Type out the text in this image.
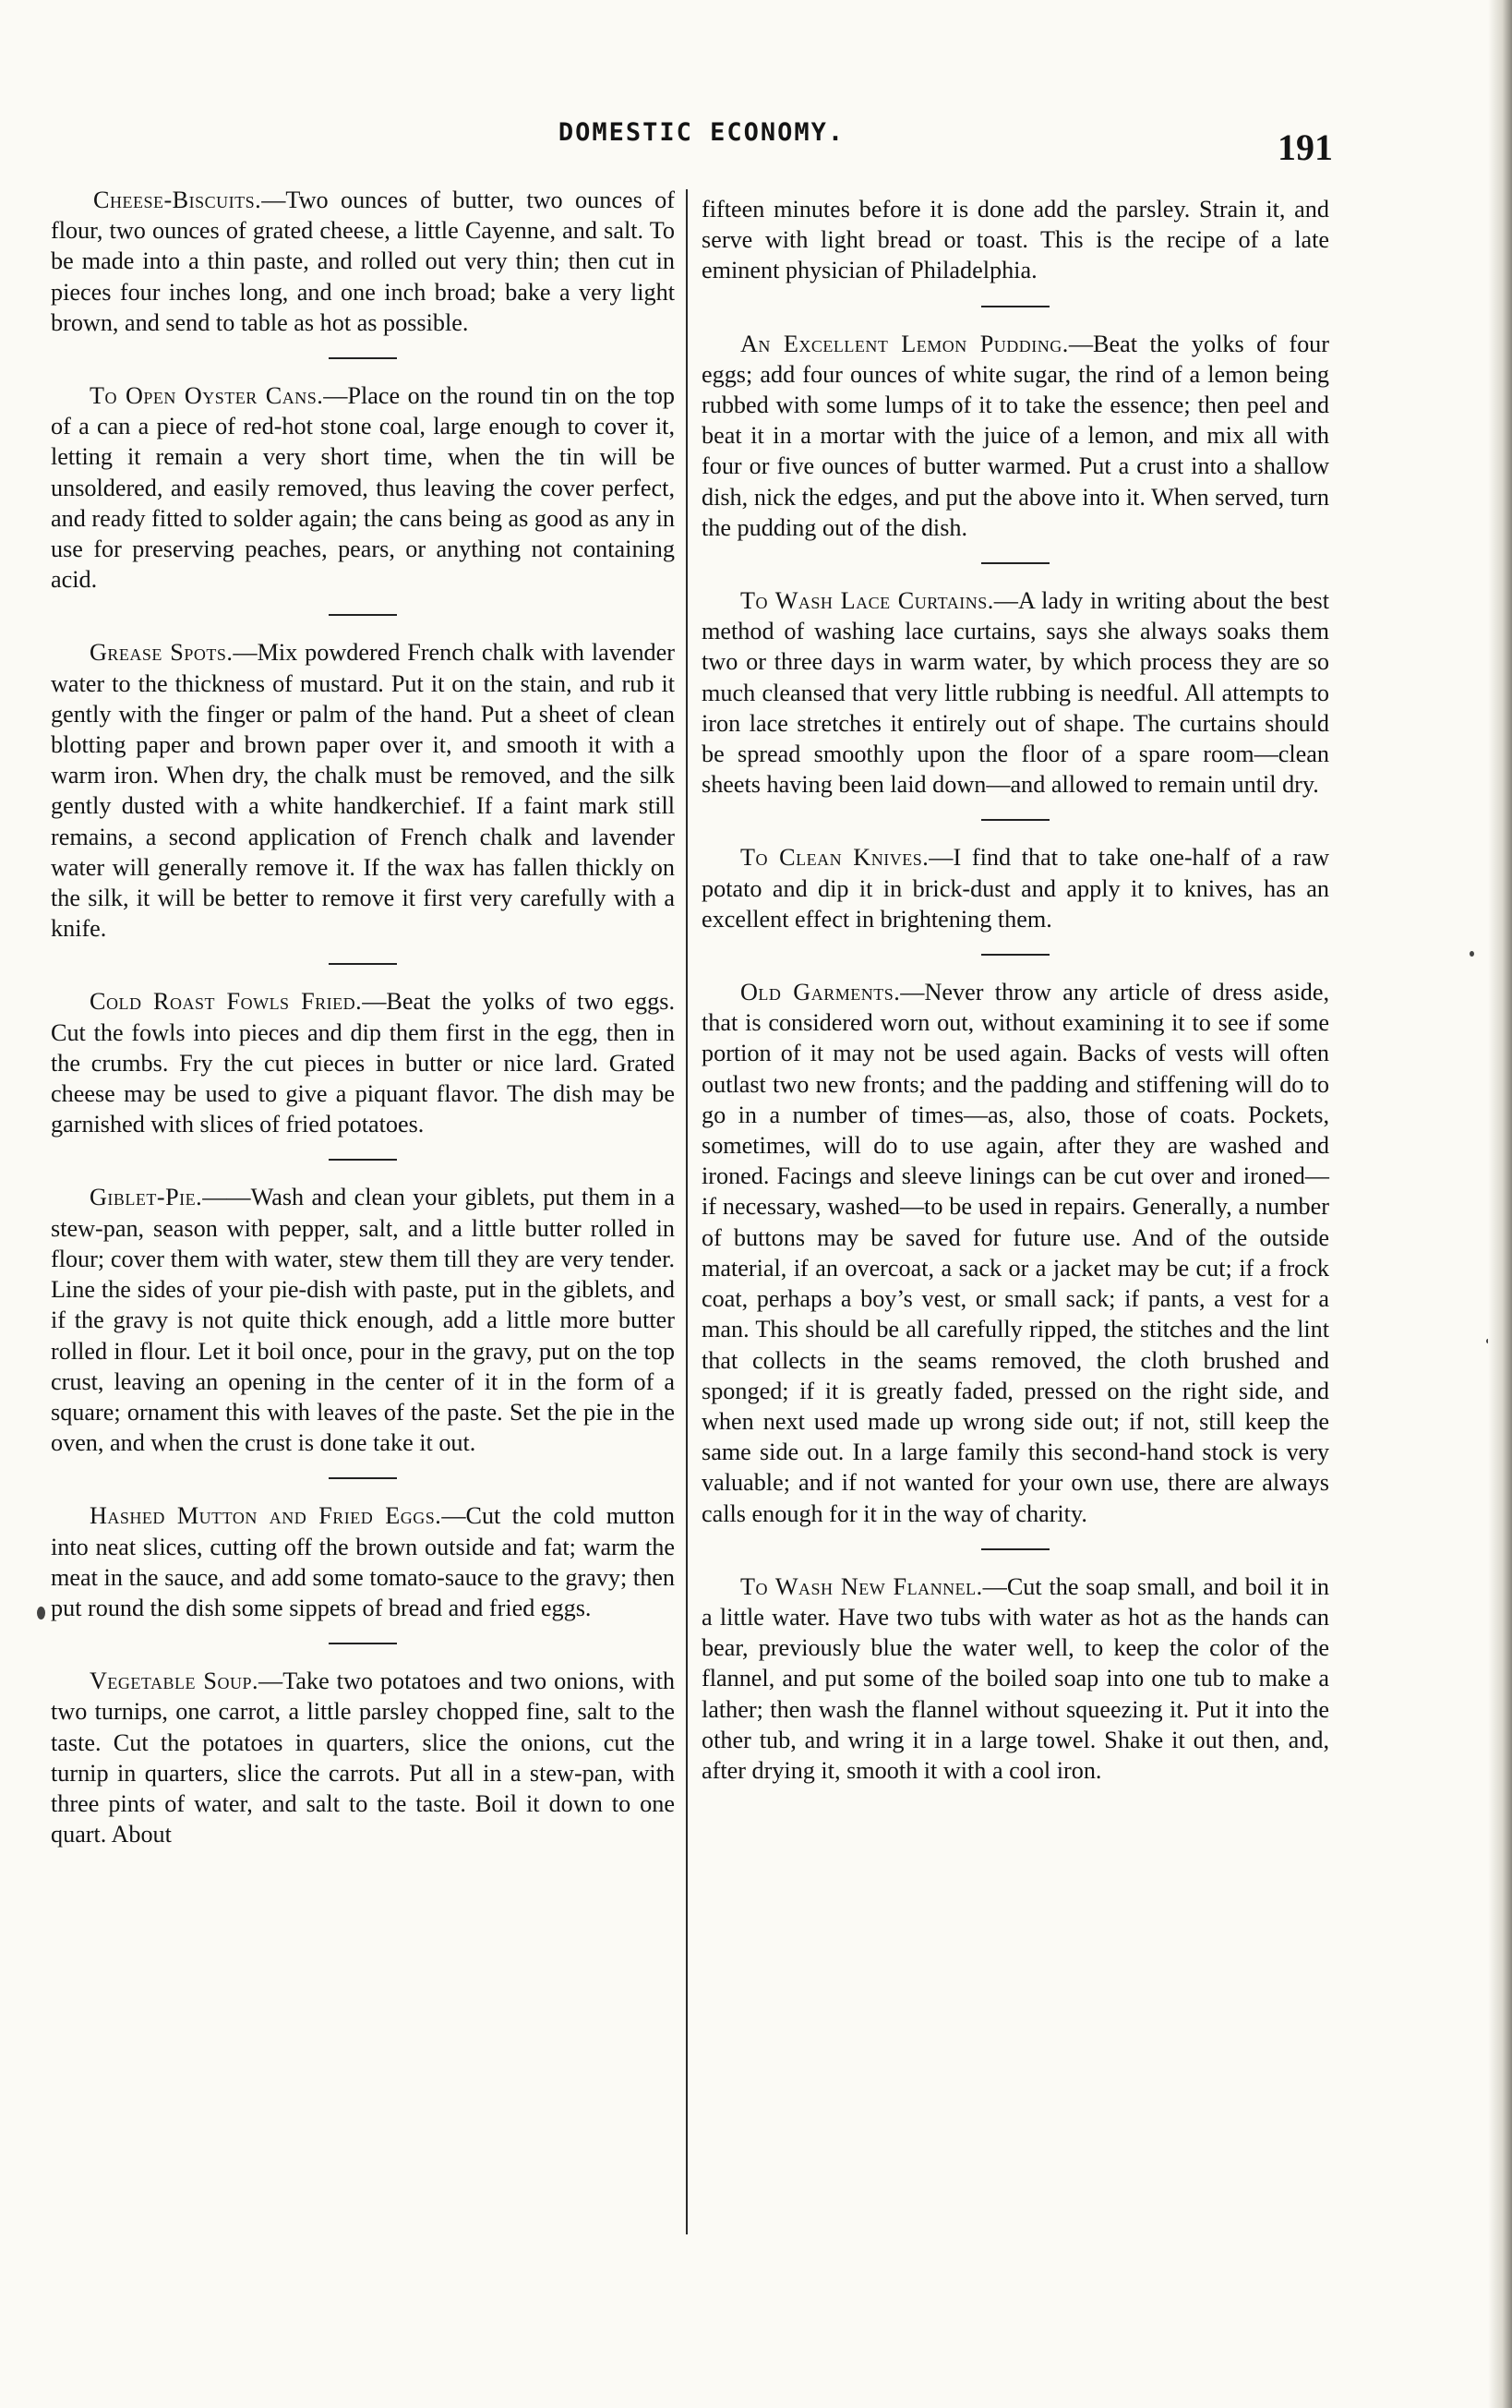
DOMESTIC ECONOMY.	191

Cheese-Biscuits.—Two ounces of butter, two ounces of flour, two ounces of grated cheese, a little Cayenne, and salt. To be made into a thin paste, and rolled out very thin; then cut in pieces four inches long, and one inch broad; bake a very light brown, and send to table as hot as possible.

To Open Oyster Cans.—Place on the round tin on the top of a can a piece of red-hot stone coal, large enough to cover it, letting it remain a very short time, when the tin will be unsoldered, and easily removed, thus leaving the cover perfect, and ready fitted to solder again; the cans being as good as any in use for preserving peaches, pears, or anything not containing acid.

Grease Spots.—Mix powdered French chalk with lavender water to the thickness of mustard. Put it on the stain, and rub it gently with the finger or palm of the hand. Put a sheet of clean blotting paper and brown paper over it, and smooth it with a warm iron. When dry, the chalk must be removed, and the silk gently dusted with a white handkerchief. If a faint mark still remains, a second application of French chalk and lavender water will generally remove it. If the wax has fallen thickly on the silk, it will be better to remove it first very carefully with a knife.

Cold Roast Fowls Fried.—Beat the yolks of two eggs. Cut the fowls into pieces and dip them first in the egg, then in the crumbs. Fry the cut pieces in butter or nice lard. Grated cheese may be used to give a piquant flavor. The dish may be garnished with slices of fried potatoes.

Giblet-Pie.——Wash and clean your giblets, put them in a stew-pan, season with pepper, salt, and a little butter rolled in flour; cover them with water, stew them till they are very tender. Line the sides of your pie-dish with paste, put in the giblets, and if the gravy is not quite thick enough, add a little more butter rolled in flour. Let it boil once, pour in the gravy, put on the top crust, leaving an opening in the center of it in the form of a square; ornament this with leaves of the paste. Set the pie in the oven, and when the crust is done take it out.

Hashed Mutton and Fried Eggs.—Cut the cold mutton into neat slices, cutting off the brown outside and fat; warm the meat in the sauce, and add some tomato-sauce to the gravy; then put round the dish some sippets of bread and fried eggs.

Vegetable Soup.—Take two potatoes and two onions, with two turnips, one carrot, a little parsley chopped fine, salt to the taste. Cut the potatoes in quarters, slice the onions, cut the turnip in quarters, slice the carrots. Put all in a stew-pan, with three pints of water, and salt to the taste. Boil it down to one quart. About

fifteen minutes before it is done add the parsley. Strain it, and serve with light bread or toast. This is the recipe of a late eminent physician of Philadelphia.

An Excellent Lemon Pudding.—Beat the yolks of four eggs; add four ounces of white sugar, the rind of a lemon being rubbed with some lumps of it to take the essence; then peel and beat it in a mortar with the juice of a lemon, and mix all with four or five ounces of butter warmed. Put a crust into a shallow dish, nick the edges, and put the above into it. When served, turn the pudding out of the dish.

To Wash Lace Curtains.—A lady in writing about the best method of washing lace curtains, says she always soaks them two or three days in warm water, by which process they are so much cleansed that very little rubbing is needful. All attempts to iron lace stretches it entirely out of shape. The curtains should be spread smoothly upon the floor of a spare room—clean sheets having been laid down—and allowed to remain until dry.

To Clean Knives.—I find that to take one-half of a raw potato and dip it in brick-dust and apply it to knives, has an excellent effect in brightening them.

Old Garments.—Never throw any article of dress aside, that is considered worn out, without examining it to see if some portion of it may not be used again. Backs of vests will often outlast two new fronts; and the padding and stiffening will do to go in a number of times—as, also, those of coats. Pockets, sometimes, will do to use again, after they are washed and ironed. Facings and sleeve linings can be cut over and ironed—if necessary, washed—to be used in repairs. Generally, a number of buttons may be saved for future use. And of the outside material, if an overcoat, a sack or a jacket may be cut; if a frock coat, perhaps a boy’s vest, or small sack; if pants, a vest for a man. This should be all carefully ripped, the stitches and the lint that collects in the seams removed, the cloth brushed and sponged; if it is greatly faded, pressed on the right side, and when next used made up wrong side out; if not, still keep the same side out. In a large family this second-hand stock is very valuable; and if not wanted for your own use, there are always calls enough for it in the way of charity.

To Wash New Flannel.—Cut the soap small, and boil it in a little water. Have two tubs with water as hot as the hands can bear, previously blue the water well, to keep the color of the flannel, and put some of the boiled soap into one tub to make a lather; then wash the flannel without squeezing it. Put it into the other tub, and wring it in a large towel. Shake it out then, and, after drying it, smooth it with a cool iron.
